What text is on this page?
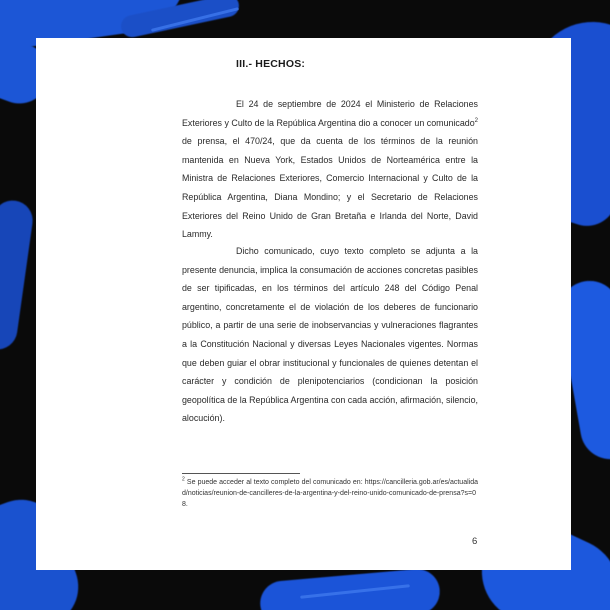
III.- HECHOS:

El 24 de septiembre de 2024 el Ministerio de Relaciones Exteriores y Culto de la República Argentina dio a conocer un comunicado$^2$ de prensa, el 470/24, que da cuenta de los términos de la reunión mantenida en Nueva York, Estados Unidos de Norteamérica entre la Ministra de Relaciones Exteriores, Comercio Internacional y Culto de la República Argentina, Diana Mondino; y el Secretario de Relaciones Exteriores del Reino Unido de Gran Bretaña e Irlanda del Norte, David Lammy.

Dicho comunicado, cuyo texto completo se adjunta a la presente denuncia, implica la consumación de acciones concretas pasibles de ser tipificadas, en los términos del artículo 248 del Código Penal argentino, concretamente el de violación de los deberes de funcionario público, a partir de una serie de inobservancias y vulneraciones flagrantes a la Constitución Nacional y diversas Leyes Nacionales vigentes. Normas que deben guiar el obrar institucional y funcionales de quienes detentan el carácter y condición de plenipotenciarios (condicionan la posición geopolítica de la República Argentina con cada acción, afirmación, silencio, alocución).

$^2$ Se puede acceder al texto completo del comunicado en: https://cancilleria.gob.ar/es/actualidad/noticias/reunion-de-cancilleres-de-la-argentina-y-del-reino-unido-comunicado-de-prensa?s=08.

6
